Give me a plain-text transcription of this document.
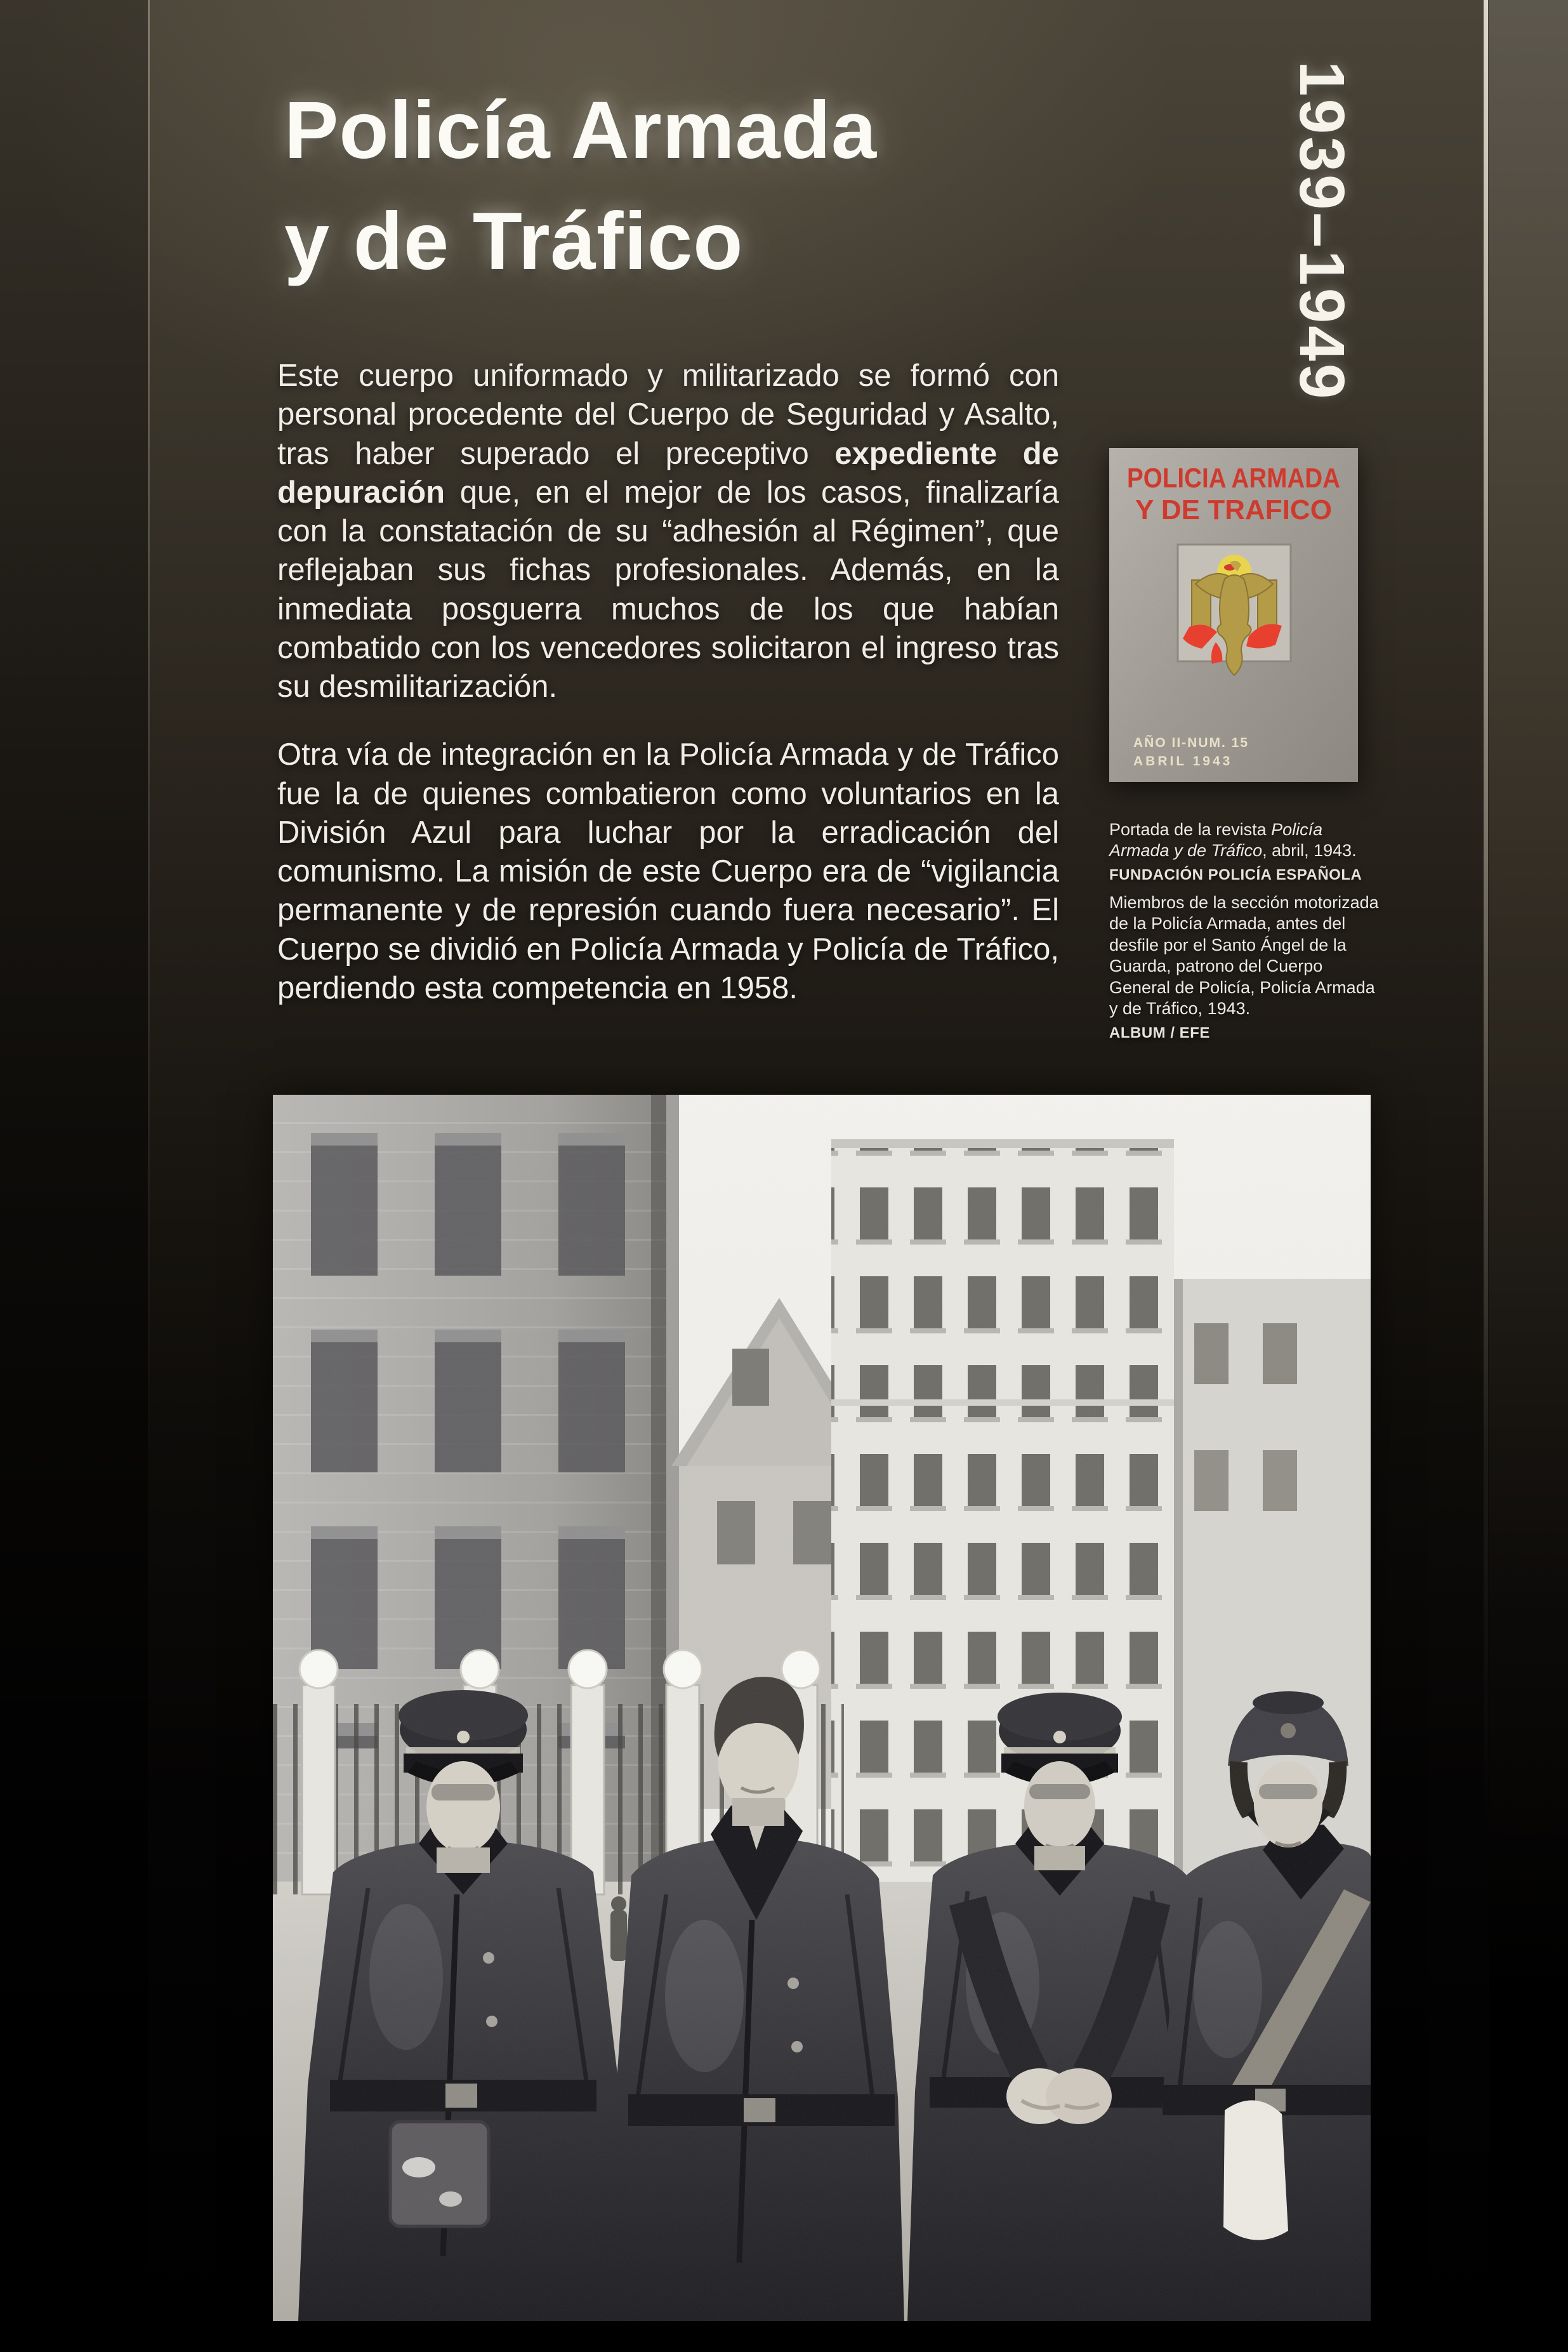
Policía Armada
y de Tráfico	1939–1949

Este cuerpo uniformado y militarizado se formó con personal procedente del Cuerpo de Seguridad y Asalto, tras haber superado el preceptivo expediente de depuración que, en el mejor de los casos, finalizaría con la constatación de su “adhesión al Régimen”, que reflejaban sus fichas profesionales. Además, en la inmediata posguerra muchos de los que habían combatido con los vencedores solicitaron el ingreso tras su desmilitarización.

Otra vía de integración en la Policía Armada y de Tráfico fue la de quienes combatieron como voluntarios en la División Azul para luchar por la erradicación del comunismo. La misión de este Cuerpo era de “vigilancia permanente y de represión cuando fuera necesario”. El Cuerpo se dividió en Policía Armada y Policía de Tráfico, perdiendo esta competencia en 1958.

POLICIA ARMADA
Y DE TRAFICO
AÑO II-NUM. 15
ABRIL 1943
Portada de la revista Policía Armada y de Tráfico, abril, 1943.
FUNDACIÓN POLICÍA ESPAÑOLA
Miembros de la sección motorizada de la Policía Armada, antes del desfile por el Santo Ángel de la Guarda, patrono del Cuerpo General de Policía, Policía Armada y de Tráfico, 1943.
ALBUM / EFE
